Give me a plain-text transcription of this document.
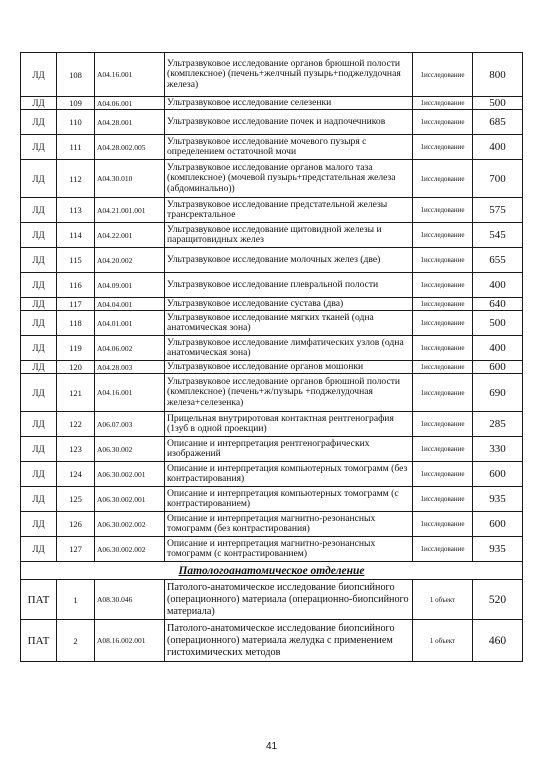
ЛД	108	A04.16.001	Ультразвуковое исследование органов брюшной полости (комплексное) (печень+желчный пузырь+поджелудочная железа)	1исследование	800
ЛД	109	A04.06.001	Ультразвуковое исследование селезенки	1исследование	500
ЛД	110	A04.28.001	Ультразвуковое исследование почек и надпочечников	1исследование	685
ЛД	111	A04.28.002.005	Ультразвуковое исследование мочевого пузыря с определением остаточной мочи	1исследование	400
ЛД	112	A04.30.010	Ультразвуковое исследование органов малого таза (комплексное) (мочевой пузырь+предстательная железа (абдоминально))	1исследование	700
ЛД	113	A04.21.001.001	Ультразвуковое исследование предстательной железы трансректальное	1исследование	575
ЛД	114	A04.22.001	Ультразвуковое исследование щитовидной железы и паращитовидных желез	1исследование	545
ЛД	115	A04.20.002	Ультразвуковое исследование молочных желез (две)	1исследование	655
ЛД	116	A04.09.001	Ультразвуковое исследование плевральной полости	1исследование	400
ЛД	117	A04.04.001	Ультразвуковое исследование сустава (два)	1исследование	640
ЛД	118	A04.01.001	Ультразвуковое исследование мягких тканей (одна анатомическая зона)	1исследование	500
ЛД	119	A04.06.002	Ультразвуковое исследование лимфатических узлов (одна анатомическая зона)	1исследование	400
ЛД	120	A04.28.003	Ультразвуковое исследование органов мошонки	1исследование	600
ЛД	121	A04.16.001	Ультразвуковое исследование органов брюшной полости (комплексное) (печень+ж/пузырь +поджелудочная железа+селезенка)	1исследование	690
ЛД	122	A06.07.003	Прицельная внутриротовая контактная рентгенография (1зуб в одной проекции)	1исследование	285
ЛД	123	A06.30.002	Описание и интерпретация рентгенографических изображений	1исследование	330
ЛД	124	A06.30.002.001	Описание и интерпретация компьютерных томограмм (без контрастирования)	1исследование	600
ЛД	125	A06.30.002.001	Описание и интерпретация компьютерных томограмм (с контрастированием)	1исследование	935
ЛД	126	A06.30.002.002	Описание и интерпретация магнитно-резонансных томограмм (без контрастирования)	1исследование	600
ЛД	127	A06.30.002.002	Описание и интерпретация магнитно-резонансных томограмм (с контрастированием)	1исследование	935
Патологоанатомическое отделение					
ПАТ	1	A08.30.046	Патолого-анатомическое исследование биопсийного (операционного) материала (операционно-биопсийного материала)	1 объект	520
ПАТ	2	A08.16.002.001	Патолого-анатомическое исследование биопсийного (операционного) материала желудка с применением гистохимических методов	1 объект	460
41
